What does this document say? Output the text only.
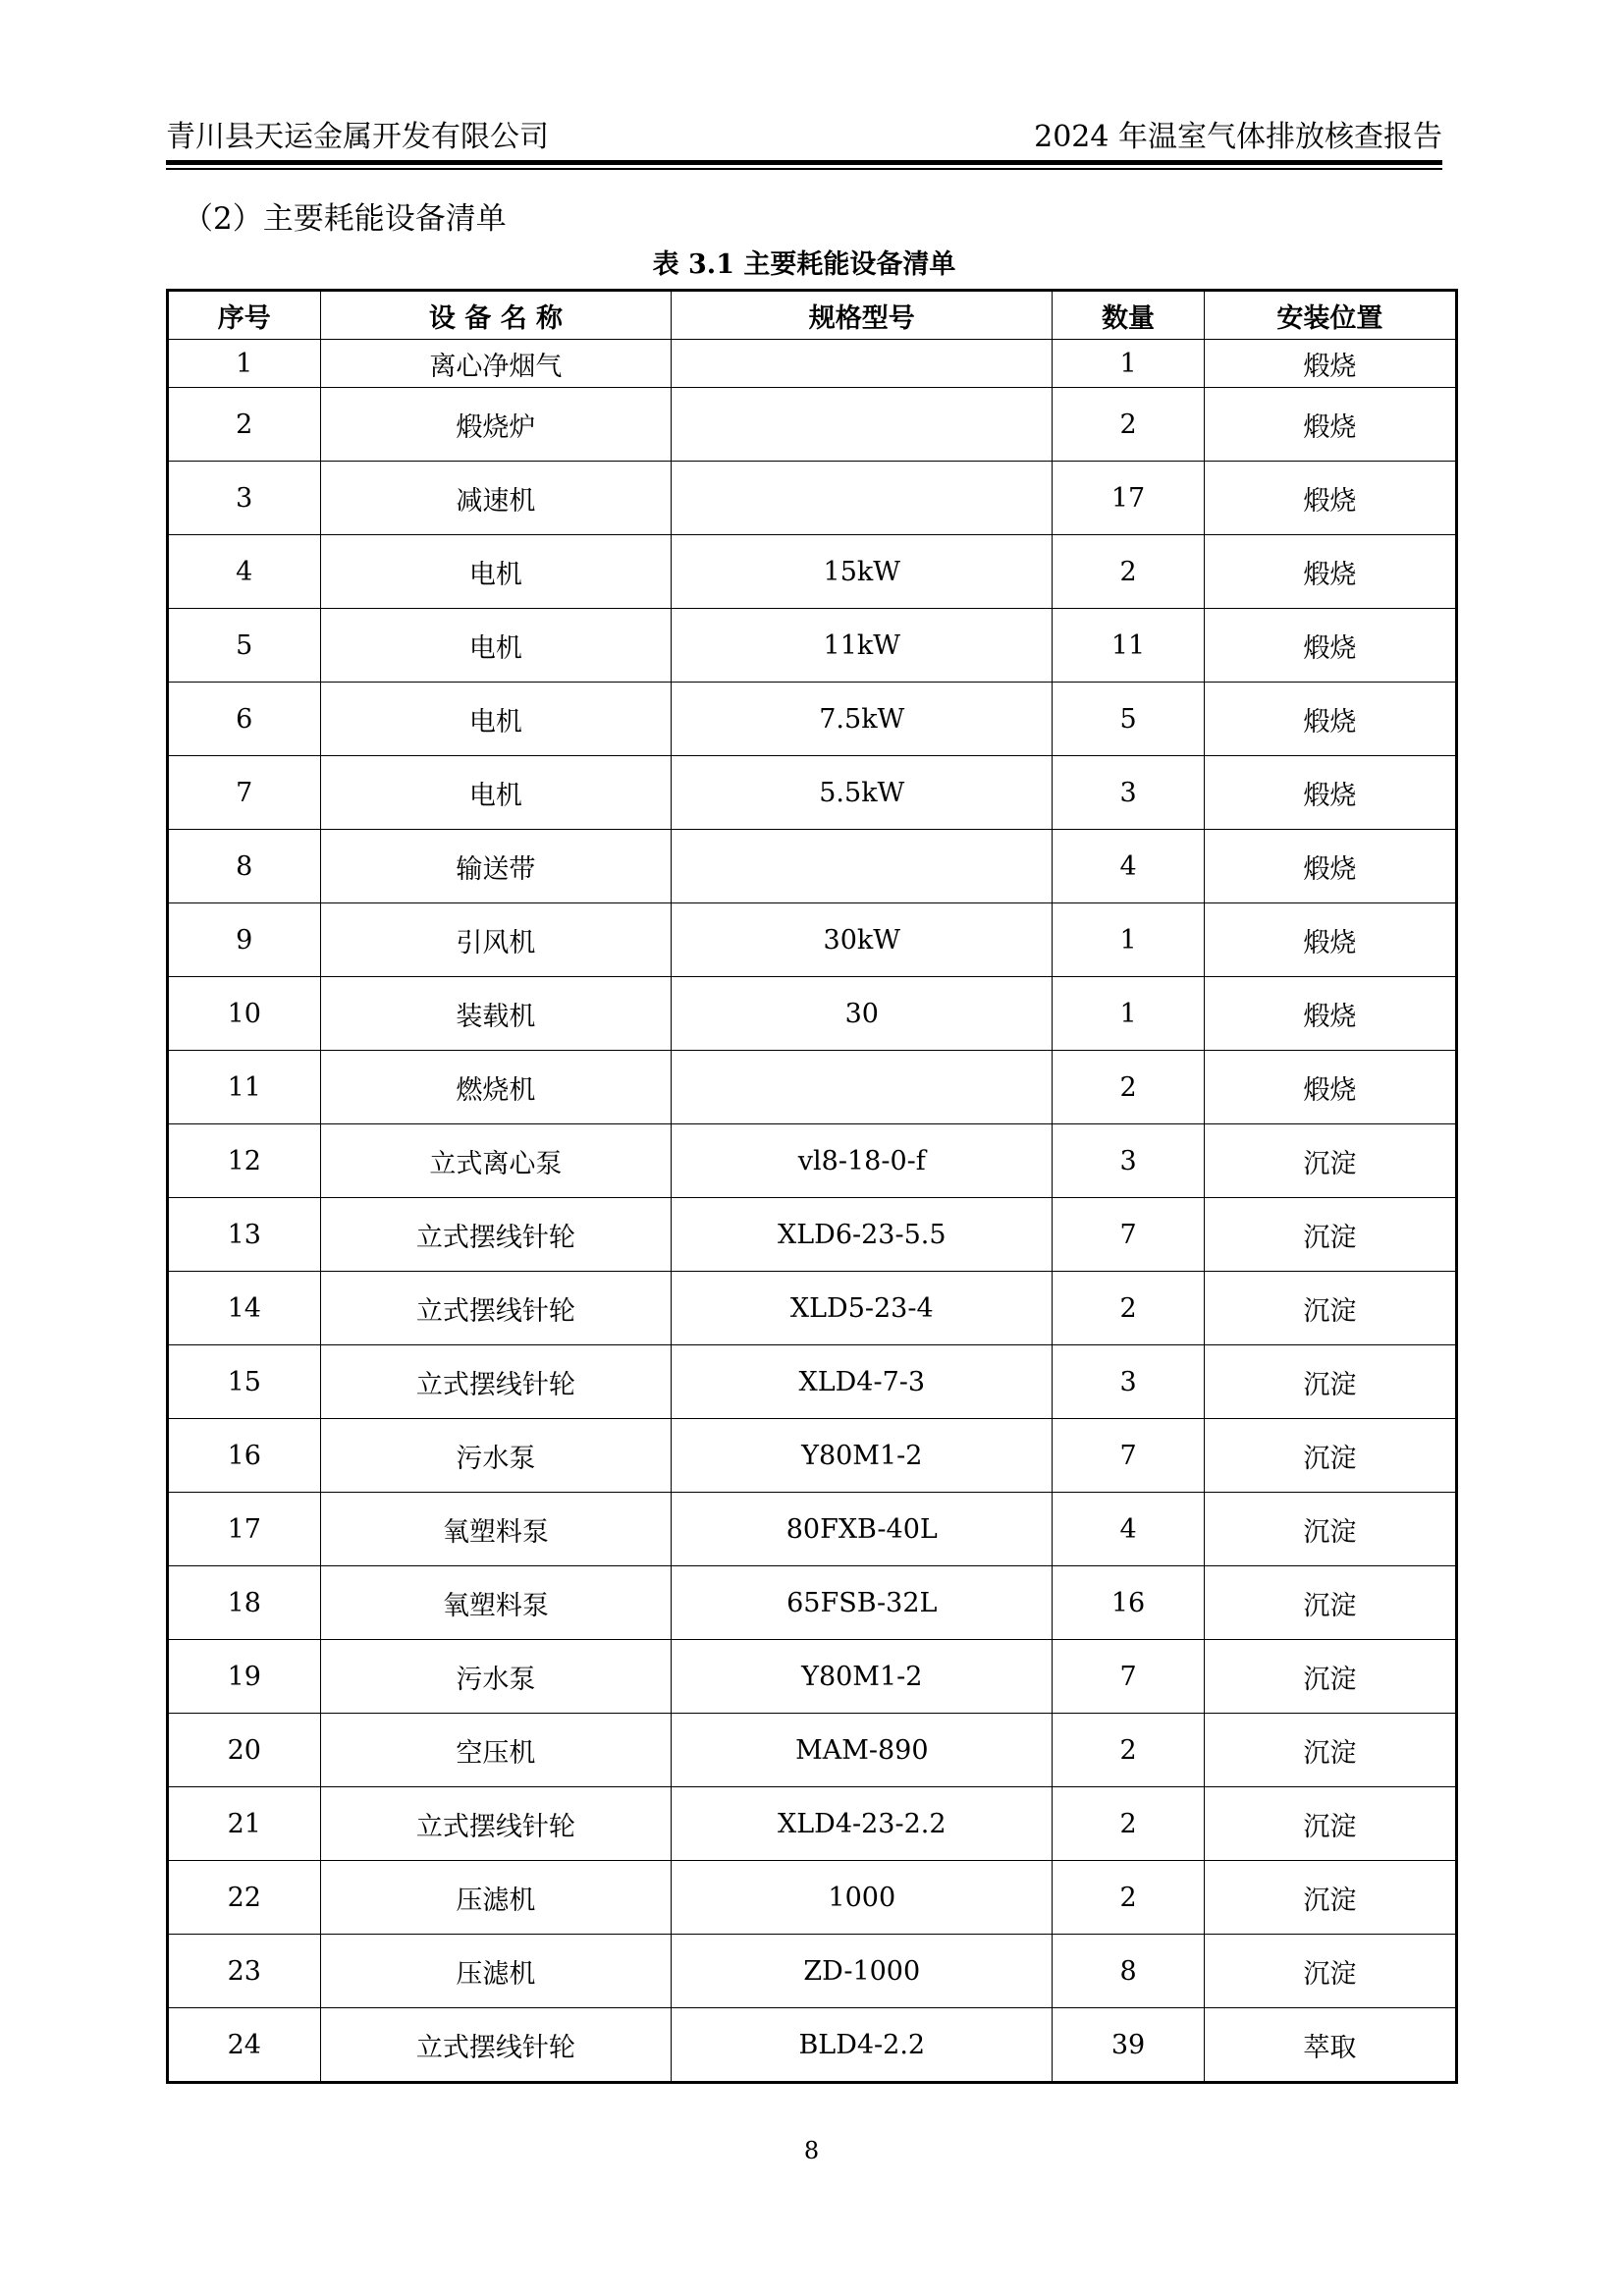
青川县天运金属开发有限公司	2024 年温室气体排放核查报告
（2）主要耗能设备清单
表 3.1 主要耗能设备清单
序号	设 备 名 称	规格型号	数量	安装位置
1	离心净烟气		1	煅烧
2	煅烧炉		2	煅烧
3	减速机		17	煅烧
4	电机	15kW	2	煅烧
5	电机	11kW	11	煅烧
6	电机	7.5kW	5	煅烧
7	电机	5.5kW	3	煅烧
8	输送带		4	煅烧
9	引风机	30kW	1	煅烧
10	装载机	30	1	煅烧
11	燃烧机		2	煅烧
12	立式离心泵	vl8-18-0-f	3	沉淀
13	立式摆线针轮	XLD6-23-5.5	7	沉淀
14	立式摆线针轮	XLD5-23-4	2	沉淀
15	立式摆线针轮	XLD4-7-3	3	沉淀
16	污水泵	Y80M1-2	7	沉淀
17	氧塑料泵	80FXB-40L	4	沉淀
18	氧塑料泵	65FSB-32L	16	沉淀
19	污水泵	Y80M1-2	7	沉淀
20	空压机	MAM-890	2	沉淀
21	立式摆线针轮	XLD4-23-2.2	2	沉淀
22	压滤机	1000	2	沉淀
23	压滤机	ZD-1000	8	沉淀
24	立式摆线针轮	BLD4-2.2	39	萃取
8
